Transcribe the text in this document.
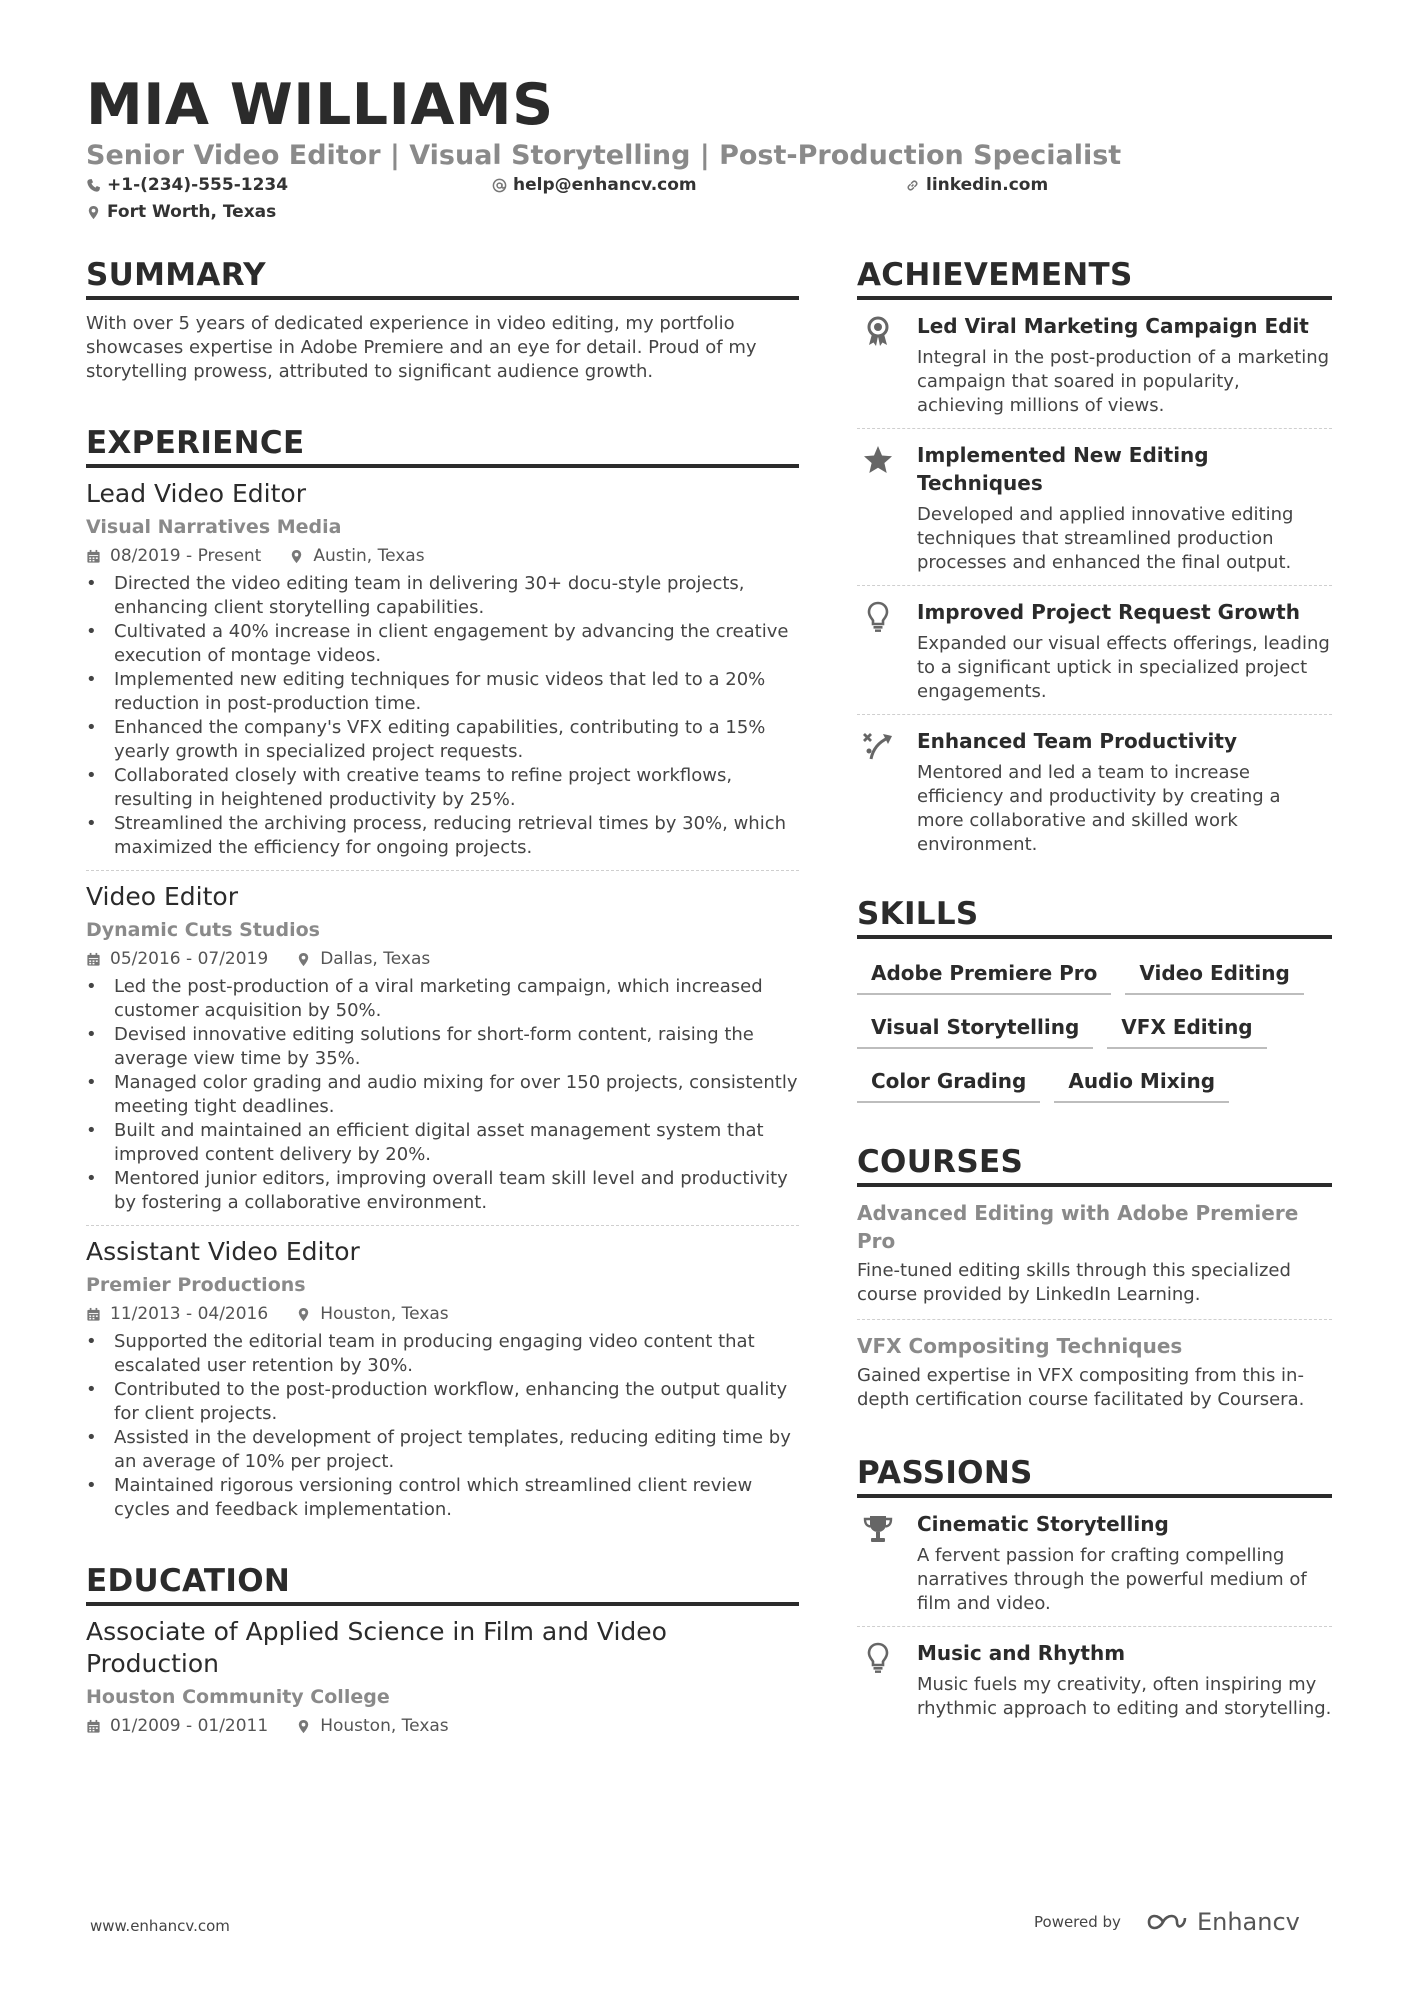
MIA WILLIAMS
Senior Video Editor | Visual Storytelling | Post-Production Specialist
+1-(234)-555-1234	help@enhancv.com	linkedin.com
Fort Worth, Texas
SUMMARY
With over 5 years of dedicated experience in video editing, my portfolio showcases expertise in Adobe Premiere and an eye for detail. Proud of my storytelling prowess, attributed to significant audience growth.
EXPERIENCE
Lead Video Editor
Visual Narratives Media
08/2019 - Present	Austin, Texas
• Directed the video editing team in delivering 30+ docu-style projects, enhancing client storytelling capabilities.
• Cultivated a 40% increase in client engagement by advancing the creative execution of montage videos.
• Implemented new editing techniques for music videos that led to a 20% reduction in post-production time.
• Enhanced the company's VFX editing capabilities, contributing to a 15% yearly growth in specialized project requests.
• Collaborated closely with creative teams to refine project workflows, resulting in heightened productivity by 25%.
• Streamlined the archiving process, reducing retrieval times by 30%, which maximized the efficiency for ongoing projects.
Video Editor
Dynamic Cuts Studios
05/2016 - 07/2019	Dallas, Texas
• Led the post-production of a viral marketing campaign, which increased customer acquisition by 50%.
• Devised innovative editing solutions for short-form content, raising the average view time by 35%.
• Managed color grading and audio mixing for over 150 projects, consistently meeting tight deadlines.
• Built and maintained an efficient digital asset management system that improved content delivery by 20%.
• Mentored junior editors, improving overall team skill level and productivity by fostering a collaborative environment.
Assistant Video Editor
Premier Productions
11/2013 - 04/2016	Houston, Texas
• Supported the editorial team in producing engaging video content that escalated user retention by 30%.
• Contributed to the post-production workflow, enhancing the output quality for client projects.
• Assisted in the development of project templates, reducing editing time by an average of 10% per project.
• Maintained rigorous versioning control which streamlined client review cycles and feedback implementation.
EDUCATION
Associate of Applied Science in Film and Video Production
Houston Community College
01/2009 - 01/2011	Houston, Texas
ACHIEVEMENTS
Led Viral Marketing Campaign Edit
Integral in the post-production of a marketing campaign that soared in popularity, achieving millions of views.
Implemented New Editing Techniques
Developed and applied innovative editing techniques that streamlined production processes and enhanced the final output.
Improved Project Request Growth
Expanded our visual effects offerings, leading to a significant uptick in specialized project engagements.
Enhanced Team Productivity
Mentored and led a team to increase efficiency and productivity by creating a more collaborative and skilled work environment.
SKILLS
Adobe Premiere Pro	Video Editing
Visual Storytelling	VFX Editing
Color Grading	Audio Mixing
COURSES
Advanced Editing with Adobe Premiere Pro
Fine-tuned editing skills through this specialized course provided by LinkedIn Learning.
VFX Compositing Techniques
Gained expertise in VFX compositing from this in-depth certification course facilitated by Coursera.
PASSIONS
Cinematic Storytelling
A fervent passion for crafting compelling narratives through the powerful medium of film and video.
Music and Rhythm
Music fuels my creativity, often inspiring my rhythmic approach to editing and storytelling.
www.enhancv.com	Powered by	Enhancv
